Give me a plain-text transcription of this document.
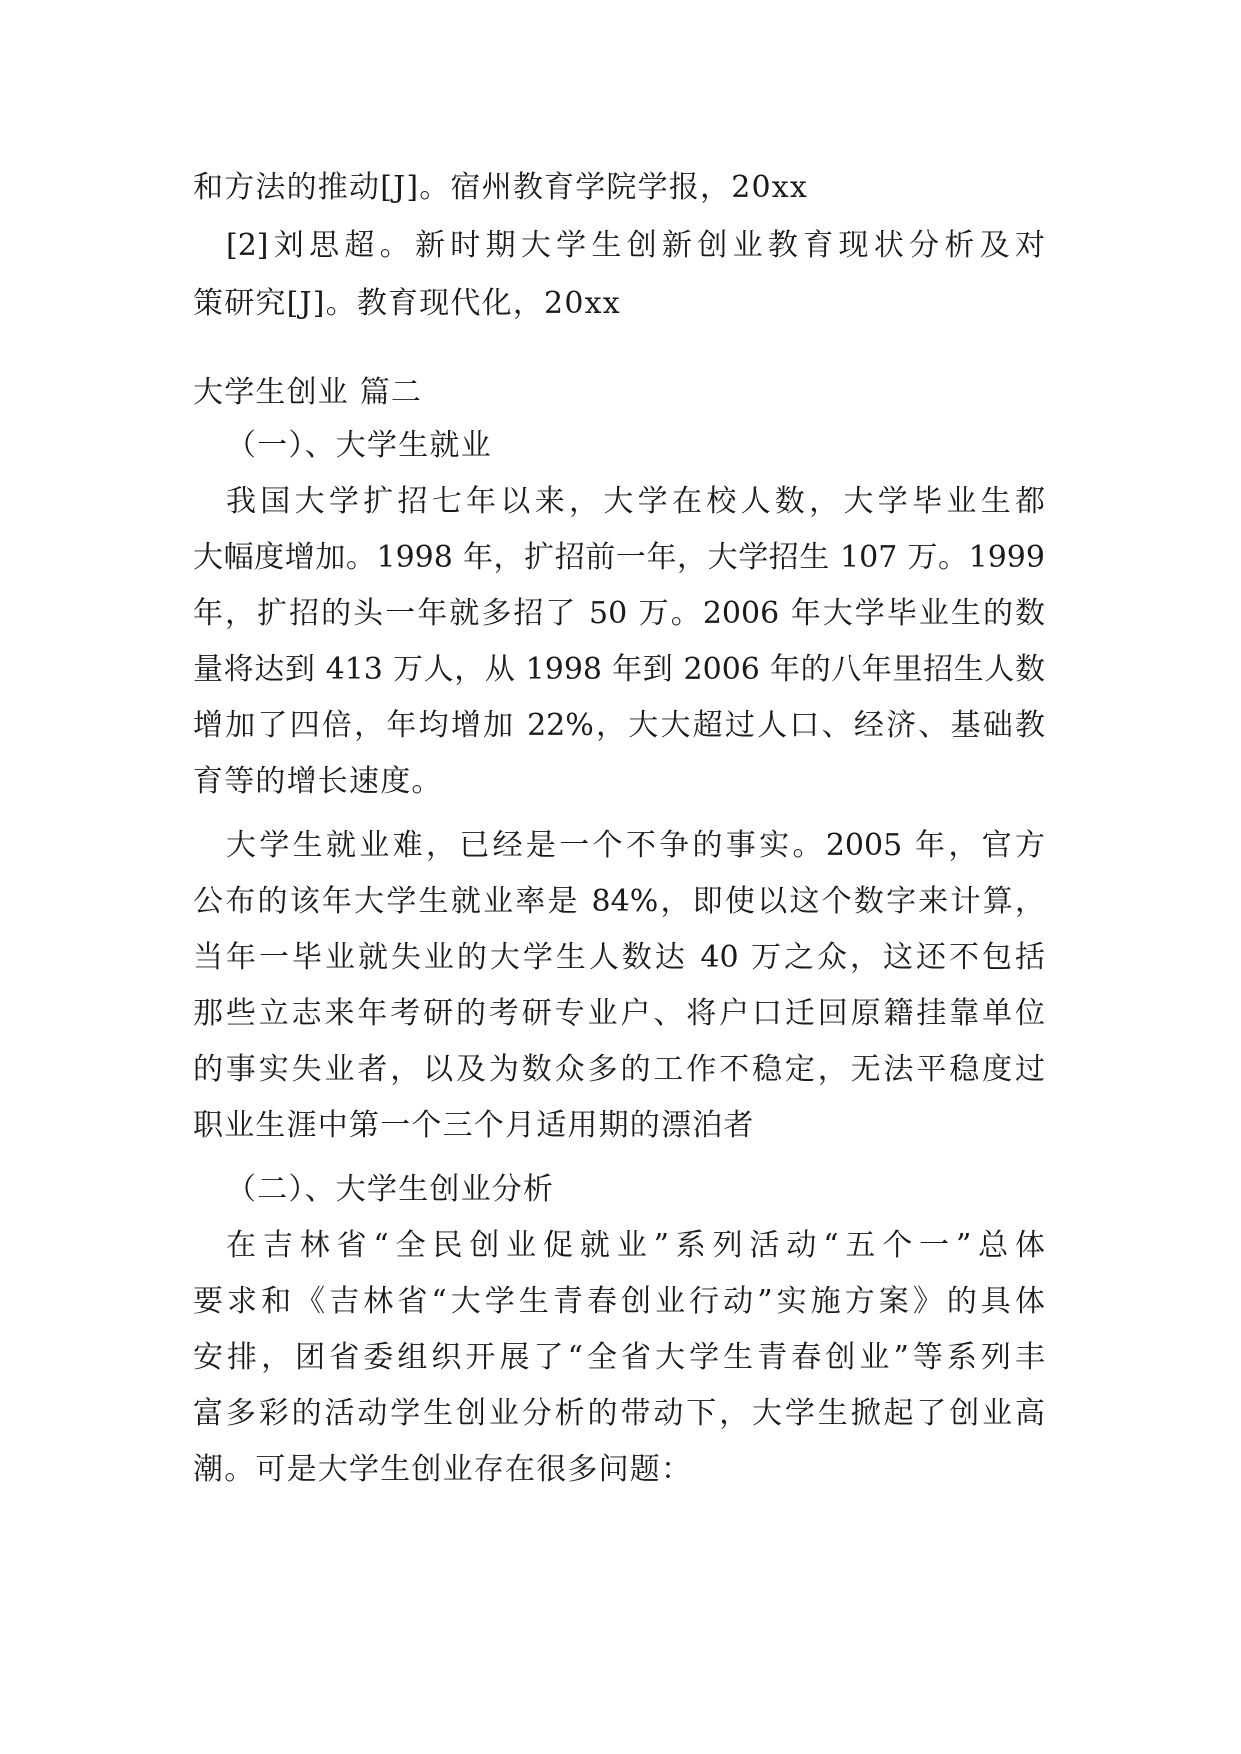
和方法的推动[J]。宿州教育学院学报，20xx
[2]刘思超。新时期大学生创新创业教育现状分析及对
策研究[J]。教育现代化，20xx
大学生创业 篇二
（一）、大学生就业
我国大学扩招七年以来，大学在校人数，大学毕业生都
大幅度增加。1998 年，扩招前一年，大学招生 107 万。1999
年，扩招的头一年就多招了 50 万。2006 年大学毕业生的数
量将达到 413 万人，从 1998 年到 2006 年的八年里招生人数
增加了四倍，年均增加 22%，大大超过人口、经济、基础教
育等的增长速度。
大学生就业难，已经是一个不争的事实。2005 年，官方
公布的该年大学生就业率是 84%，即使以这个数字来计算，
当年一毕业就失业的大学生人数达 40 万之众，这还不包括
那些立志来年考研的考研专业户、将户口迁回原籍挂靠单位
的事实失业者，以及为数众多的工作不稳定，无法平稳度过
职业生涯中第一个三个月适用期的漂泊者
（二）、大学生创业分析
在吉林省“全民创业促就业”系列活动“五个一”总体
要求和《吉林省“大学生青春创业行动”实施方案》的具体
安排，团省委组织开展了“全省大学生青春创业”等系列丰
富多彩的活动学生创业分析的带动下，大学生掀起了创业高
潮。可是大学生创业存在很多问题：
